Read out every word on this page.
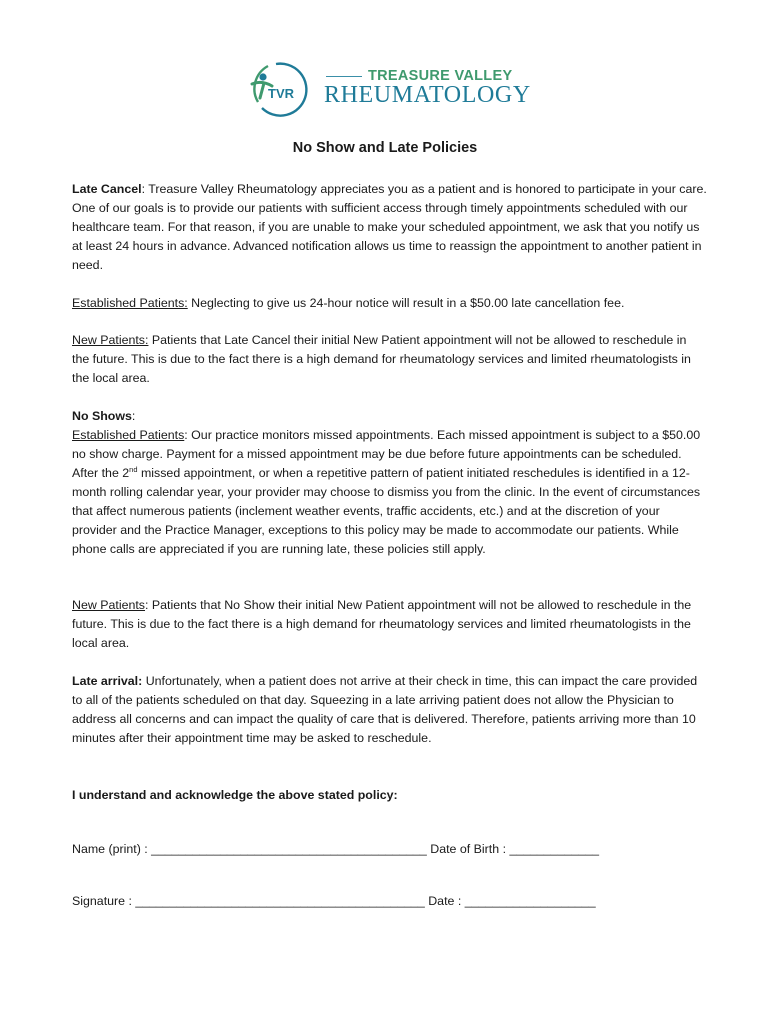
TVR
TREASURE VALLEY
RHEUMATOLOGY
No Show and Late Policies

Late Cancel: Treasure Valley Rheumatology appreciates you as a patient and is honored to participate in your care. One of our goals is to provide our patients with sufficient access through timely appointments scheduled with our healthcare team. For that reason, if you are unable to make your scheduled appointment, we ask that you notify us at least 24 hours in advance. Advanced notification allows us time to reassign the appointment to another patient in need.

Established Patients: Neglecting to give us 24-hour notice will result in a $50.00 late cancellation fee.

New Patients: Patients that Late Cancel their initial New Patient appointment will not be allowed to reschedule in the future. This is due to the fact there is a high demand for rheumatology services and limited rheumatologists in the local area.

No Shows:
Established Patients: Our practice monitors missed appointments. Each missed appointment is subject to a $50.00 no show charge. Payment for a missed appointment may be due before future appointments can be scheduled. After the 2nd missed appointment, or when a repetitive pattern of patient initiated reschedules is identified in a 12-month rolling calendar year, your provider may choose to dismiss you from the clinic. In the event of circumstances that affect numerous patients (inclement weather events, traffic accidents, etc.) and at the discretion of your provider and the Practice Manager, exceptions to this policy may be made to accommodate our patients. While phone calls are appreciated if you are running late, these policies still apply.

New Patients: Patients that No Show their initial New Patient appointment will not be allowed to reschedule in the future. This is due to the fact there is a high demand for rheumatology services and limited rheumatologists in the local area.

Late arrival: Unfortunately, when a patient does not arrive at their check in time, this can impact the care provided to all of the patients scheduled on that day. Squeezing in a late arriving patient does not allow the Physician to address all concerns and can impact the quality of care that is delivered. Therefore, patients arriving more than 10 minutes after their appointment time may be asked to reschedule.

I understand and acknowledge the above stated policy:

Name (print) : ________________________________________ Date of Birth : _____________

Signature : __________________________________________ Date : ___________________
